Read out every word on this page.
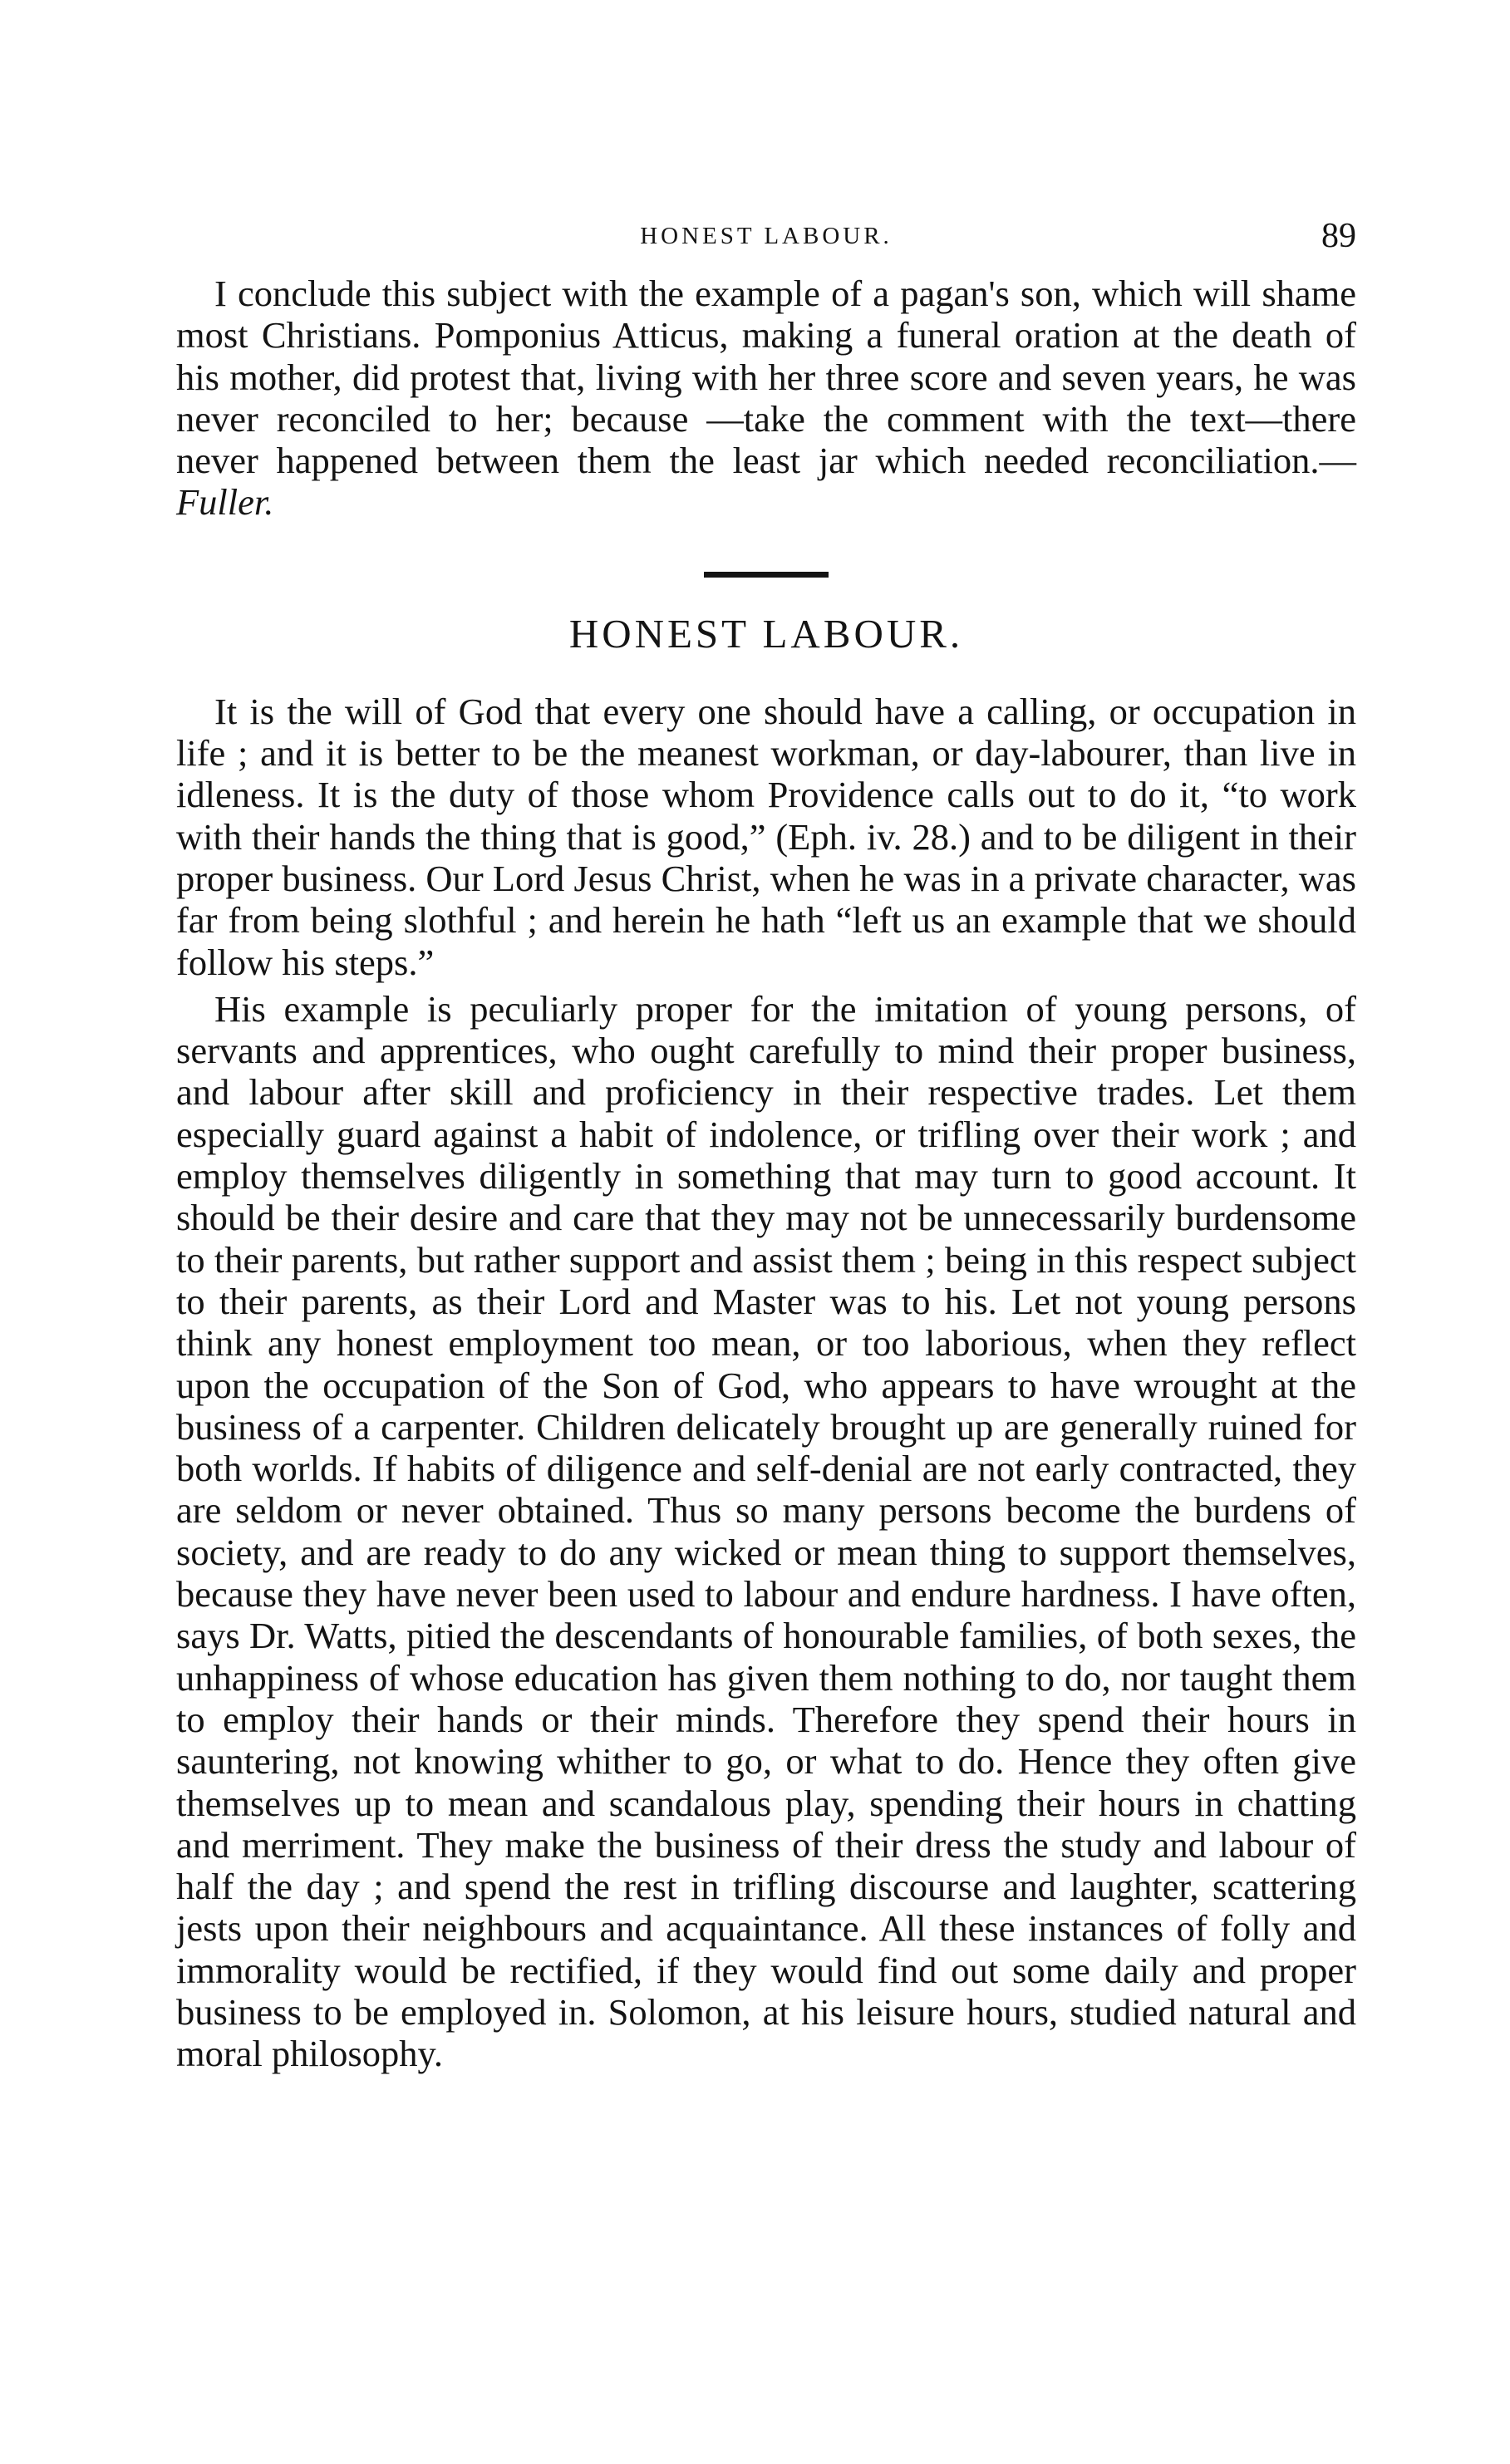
HONEST LABOUR.	89

I conclude this subject with the example of a pagan's son, which will shame most Christians. Pomponius Atticus, making a funeral oration at the death of his mother, did protest that, living with her three score and seven years, he was never reconciled to her; because —take the comment with the text—there never happened between them the least jar which needed reconciliation.—Fuller.

HONEST LABOUR.

It is the will of God that every one should have a calling, or occupation in life ; and it is better to be the meanest workman, or day-labourer, than live in idleness. It is the duty of those whom Providence calls out to do it, “to work with their hands the thing that is good,” (Eph. iv. 28.) and to be diligent in their proper business. Our Lord Jesus Christ, when he was in a private character, was far from being slothful ; and herein he hath “left us an example that we should follow his steps.”

His example is peculiarly proper for the imitation of young persons, of servants and apprentices, who ought carefully to mind their proper business, and labour after skill and proficiency in their respective trades. Let them especially guard against a habit of indolence, or trifling over their work ; and employ themselves diligently in something that may turn to good account. It should be their desire and care that they may not be unnecessarily burdensome to their parents, but rather support and assist them ; being in this respect subject to their parents, as their Lord and Master was to his. Let not young persons think any honest employment too mean, or too laborious, when they reflect upon the occupation of the Son of God, who appears to have wrought at the business of a carpenter. Children delicately brought up are generally ruined for both worlds. If habits of diligence and self-denial are not early contracted, they are seldom or never obtained. Thus so many persons become the burdens of society, and are ready to do any wicked or mean thing to support themselves, because they have never been used to labour and endure hardness. I have often, says Dr. Watts, pitied the descendants of honourable families, of both sexes, the unhappiness of whose education has given them nothing to do, nor taught them to employ their hands or their minds. Therefore they spend their hours in sauntering, not knowing whither to go, or what to do. Hence they often give themselves up to mean and scandalous play, spending their hours in chatting and merriment. They make the business of their dress the study and labour of half the day ; and spend the rest in trifling discourse and laughter, scattering jests upon their neighbours and acquaintance. All these instances of folly and immorality would be rectified, if they would find out some daily and proper business to be employed in. Solomon, at his leisure hours, studied natural and moral philosophy.
